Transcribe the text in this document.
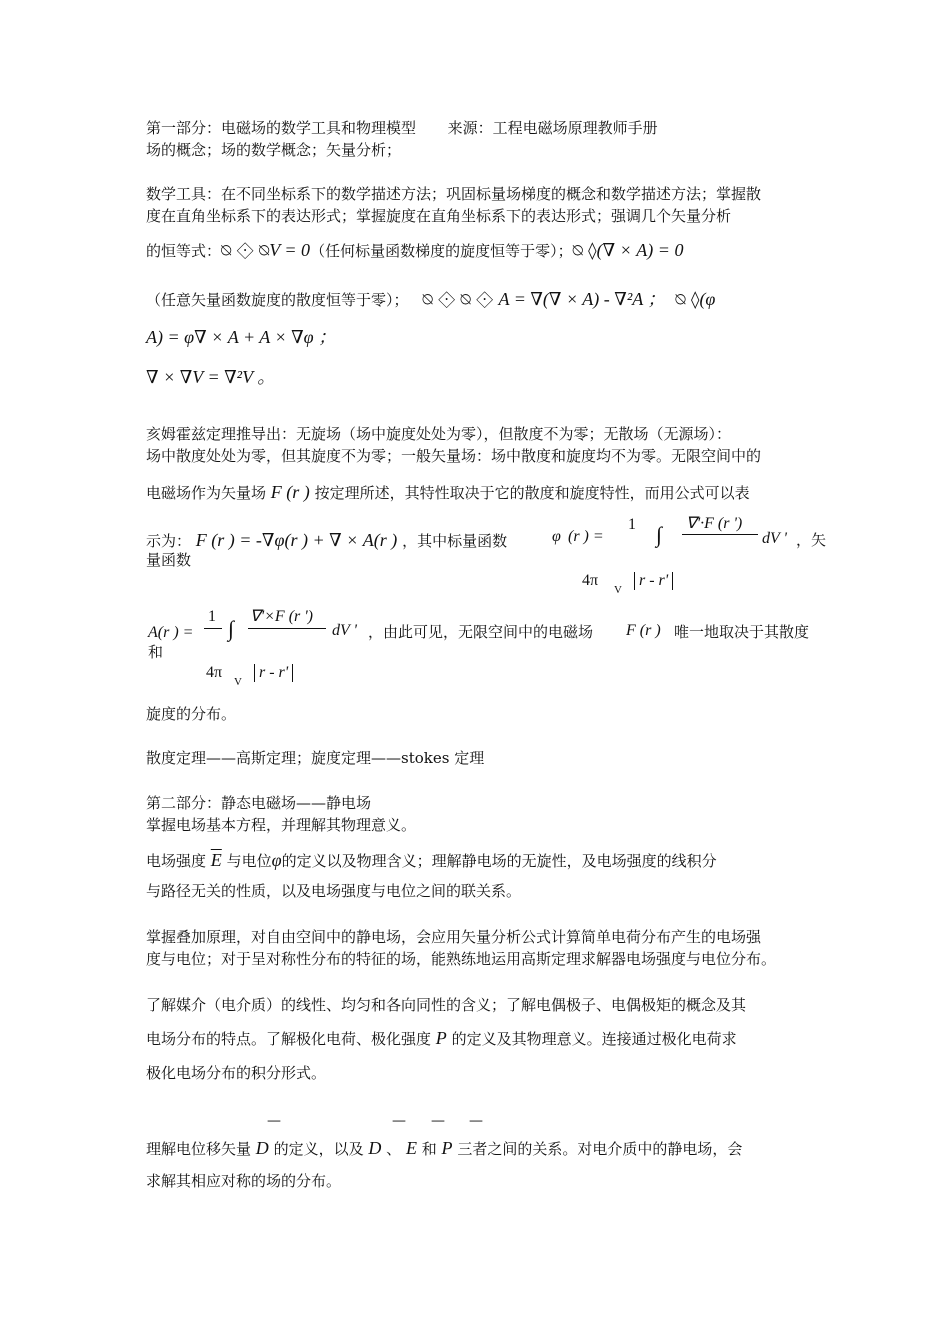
第一部分：电磁场的数学工具和物理模型 来源：工程电磁场原理教师手册
场的概念；场的数学概念；矢量分析；
数学工具：在不同坐标系下的数学描述方法；巩固标量场梯度的概念和数学描述方法；掌握散
度在直角坐标系下的表达形式；掌握旋度在直角坐标系下的表达形式；强调几个矢量分析
的恒等式：⍉ ⟐ ⍉V = 0（任何标量函数梯度的旋度恒等于零）；⍉ ◊(∇ × A) = 0
（任意矢量函数旋度的散度恒等于零）； ⍉ ⟐ ⍉ ⟐ A = ∇(∇ × A) - ∇²A ； ⍉ ◊(φ
A) = φ∇ × A + A × ∇φ ；
∇ × ∇V = ∇²V 。
亥姆霍兹定理推导出：无旋场（场中旋度处处为零），但散度不为零；无散场（无源场）：
场中散度处处为零，但其旋度不为零；一般矢量场：场中散度和旋度均不为零。无限空间中的
电磁场作为矢量场 F (r ) 按定理所述，其特性取决于它的散度和旋度特性，而用公式可以表
示为： F (r ) = -∇φ(r ) + ∇ × A(r ) ，其中标量函数	φ (r ) =
1 ∫ ∇'·F (r ')
dV ' ，矢
量函数
4π
V
r - r'
A(r ) =
1 ∫ ∇'×F (r ')
dV ' ，由此可见，无限空间中的电磁场 F (r ) 唯一地取决于其散度
和
4π
V
r - r'
旋度的分布。
散度定理——高斯定理；旋度定理——stokes 定理
第二部分：静态电磁场——静电场
掌握电场基本方程，并理解其物理意义。
电场强度 $\overline{E}$ 与电位φ的定义以及物理含义；理解静电场的无旋性，及电场强度的线积分
与路径无关的性质，以及电场强度与电位之间的联关系。
掌握叠加原理，对自由空间中的静电场，会应用矢量分析公式计算简单电荷分布产生的电场强
度与电位；对于呈对称性分布的特征的场，能熟练地运用高斯定理求解器电场强度与电位分布。
了解媒介（电介质）的线性、均匀和各向同性的含义；了解电偶极子、电偶极矩的概念及其
电场分布的特点。了解极化电荷、极化强度 P 的定义及其物理意义。连接通过极化电荷求
极化电场分布的积分形式。
—	— — —
理解电位移矢量 D 的定义，以及 D 、 E 和 P 三者之间的关系。对电介质中的静电场，会
求解其相应对称的场的分布。
